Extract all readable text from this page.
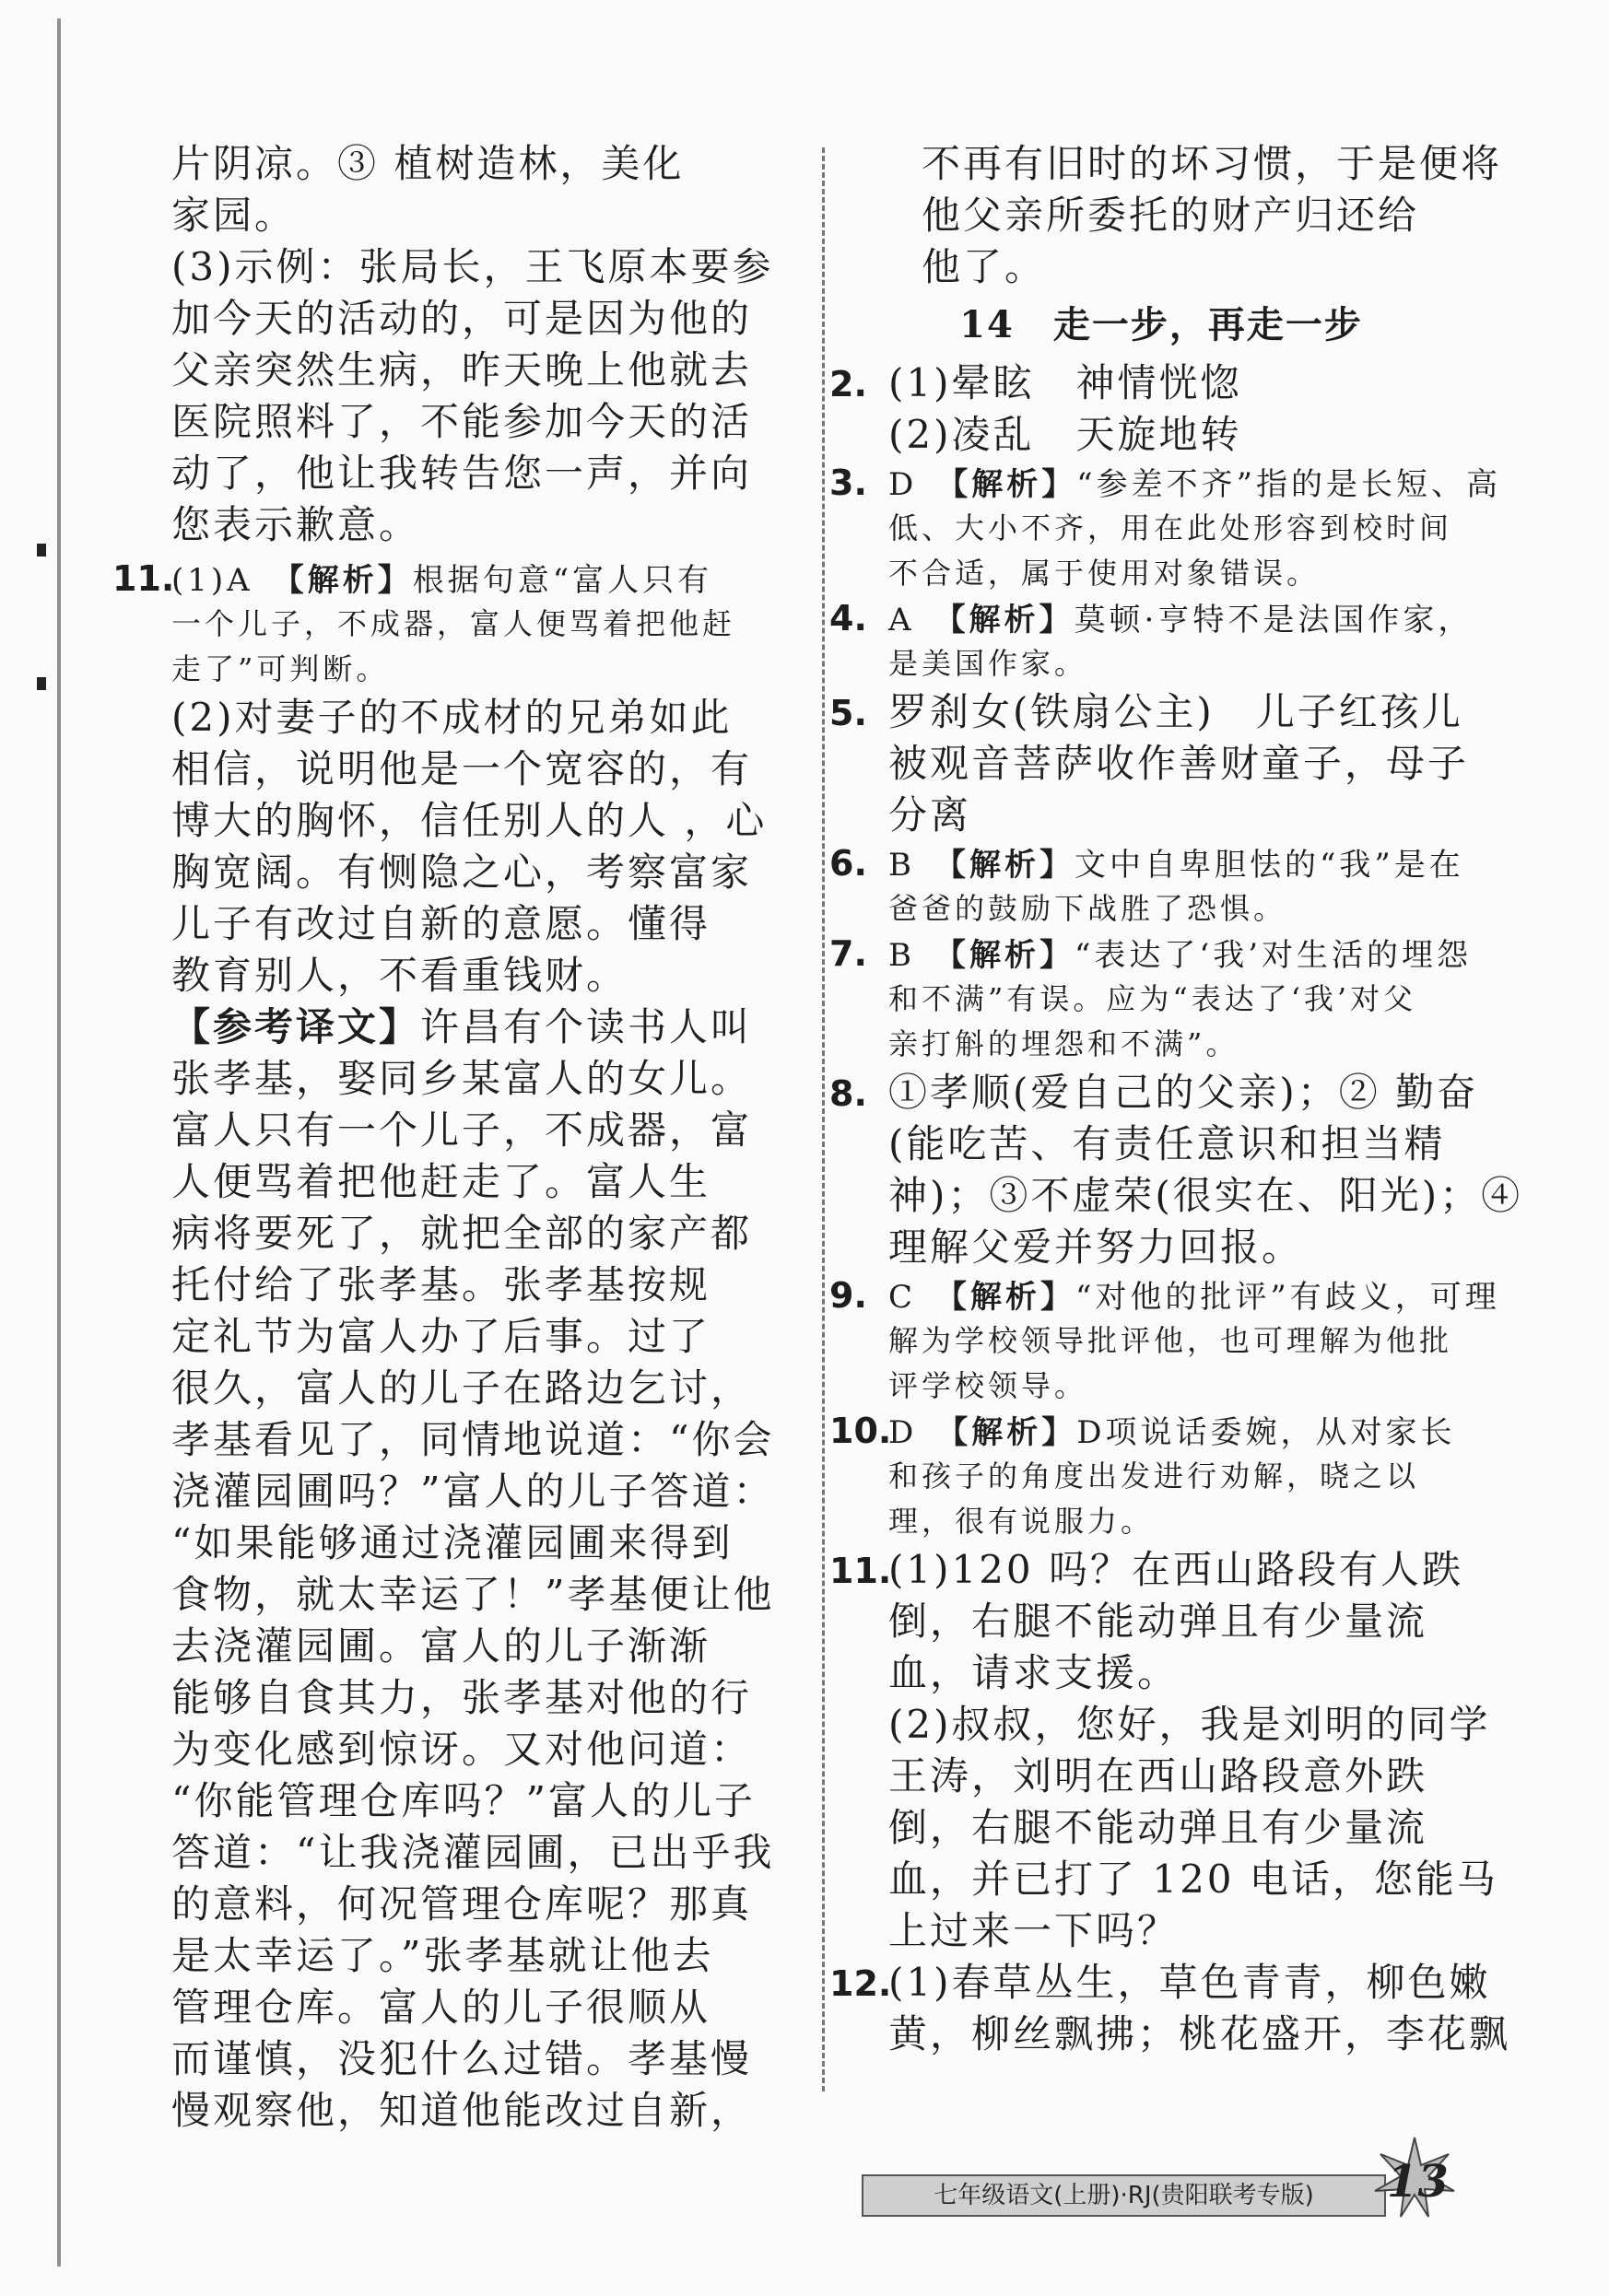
片阴凉。③ 植树造林，美化
家园。
(3)示例：张局长，王飞原本要参
加今天的活动的，可是因为他的
父亲突然生病，昨天晚上他就去
医院照料了，不能参加今天的活
动了，他让我转告您一声，并向
您表示歉意。
11.(1)A　 【解析】根据句意“富人只有
一个儿子，不成器，富人便骂着把他赶
走了”可判断。
(2)对妻子的不成材的兄弟如此
相信，说明他是一个宽容的，有
博大的胸怀，信任别人的人 ，心
胸宽阔。有恻隐之心，考察富家
儿子有改过自新的意愿。懂得
教育别人，不看重钱财。
【参考译文】许昌有个读书人叫
张孝基，娶同乡某富人的女儿。
富人只有一个儿子，不成器，富
人便骂着把他赶走了。富人生
病将要死了，就把全部的家产都
托付给了张孝基。张孝基按规
定礼节为富人办了后事。过了
很久，富人的儿子在路边乞讨，
孝基看见了，同情地说道：“你会
浇灌园圃吗？”富人的儿子答道：
“如果能够通过浇灌园圃来得到
食物，就太幸运了！”孝基便让他
去浇灌园圃。富人的儿子渐渐
能够自食其力，张孝基对他的行
为变化感到惊讶。又对他问道：
“你能管理仓库吗？”富人的儿子
答道：“让我浇灌园圃，已出乎我
的意料，何况管理仓库呢？那真
是太幸运了。”张孝基就让他去
管理仓库。富人的儿子很顺从
而谨慎，没犯什么过错。孝基慢
慢观察他，知道他能改过自新，
不再有旧时的坏习惯，于是便将
他父亲所委托的财产归还给
他了。
14　走一步，再走一步
2. (1)晕眩　神情恍惚
(2)凌乱　天旋地转
3. D　 【解析】“参差不齐”指的是长短、高
低、大小不齐，用在此处形容到校时间
不合适，属于使用对象错误。
4. A　 【解析】莫顿·亨特不是法国作家，
是美国作家。
5. 罗刹女(铁扇公主)　儿子红孩儿
被观音菩萨收作善财童子，母子
分离
6. B　 【解析】文中自卑胆怯的“我”是在
爸爸的鼓励下战胜了恐惧。
7. B　 【解析】“表达了‘我’对生活的埋怨
和不满”有误。应为“表达了‘我’对父
亲打斛的埋怨和不满”。
8. ①孝顺(爱自己的父亲)；② 勤奋
(能吃苦、有责任意识和担当精
神)；③不虚荣(很实在、阳光)；④
理解父爱并努力回报。
9. C　 【解析】“对他的批评”有歧义，可理
解为学校领导批评他，也可理解为他批
评学校领导。
10.D　 【解析】D项说话委婉，从对家长
和孩子的角度出发进行劝解，晓之以
理，很有说服力。
11.(1)120 吗？在西山路段有人跌
倒，右腿不能动弹且有少量流
血，请求支援。
(2)叔叔，您好，我是刘明的同学
王涛，刘明在西山路段意外跌
倒，右腿不能动弹且有少量流
血，并已打了 120 电话，您能马
上过来一下吗？
12.(1)春草丛生，草色青青，柳色嫩
黄，柳丝飘拂；桃花盛开，李花飘
七年级语文(上册)·RJ(贵阳联考专版)	13
